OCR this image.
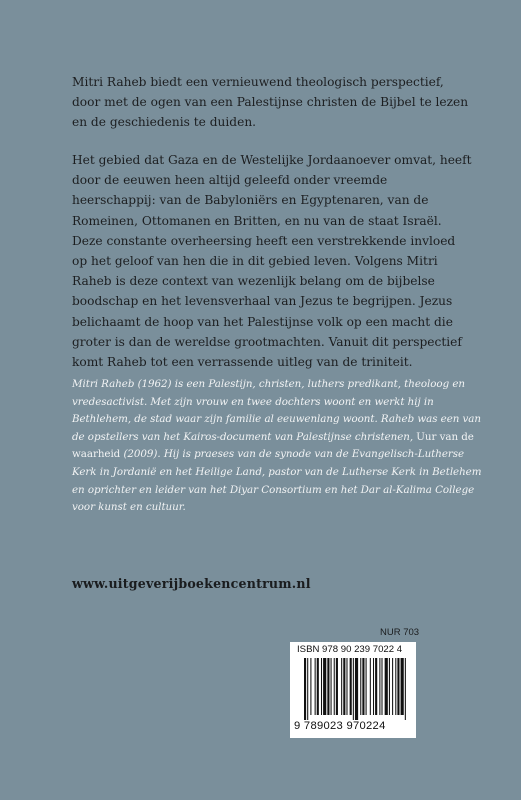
Mitri Raheb biedt een vernieuwend theologisch perspectief, door met de ogen van een Palestijnse christen de Bijbel te lezen en de geschiedenis te duiden.
Het gebied dat Gaza en de Westelijke Jordaanoever omvat, heeft door de eeuwen heen altijd geleefd onder vreemde heerschappij: van de Babyloniërs en Egyptenaren, van de Romeinen, Ottomanen en Britten, en nu van de staat Israël. Deze constante overheersing heeft een verstrekkende invloed op het geloof van hen die in dit gebied leven. Volgens Mitri Raheb is deze context van wezenlijk belang om de bijbelse boodschap en het levensverhaal van Jezus te begrijpen. Jezus belichaamt de hoop van het Palestijnse volk op een macht die groter is dan de wereldse grootmachten. Vanuit dit perspectief komt Raheb tot een verrassende uitleg van de triniteit.
Mitri Raheb (1962) is een Palestijn, christen, luthers predikant, theoloog en vredesactivist. Met zijn vrouw en twee dochters woont en werkt hij in Bethlehem, de stad waar zijn familie al eeuwenlang woont. Raheb was een van de opstellers van het Kairos-document van Palestijnse christenen, Uur van de waarheid (2009). Hij is praeses van de synode van de Evangelisch-Lutherse Kerk in Jordanië en het Heilige Land, pastor van de Lutherse Kerk in Betlehem en oprichter en leider van het Diyar Consortium en het Dar al-Kalima College voor kunst en cultuur.
www.uitgeverijboekencentrum.nl
NUR 703
ISBN 978 90 239 7022 4
9 789023 970224
